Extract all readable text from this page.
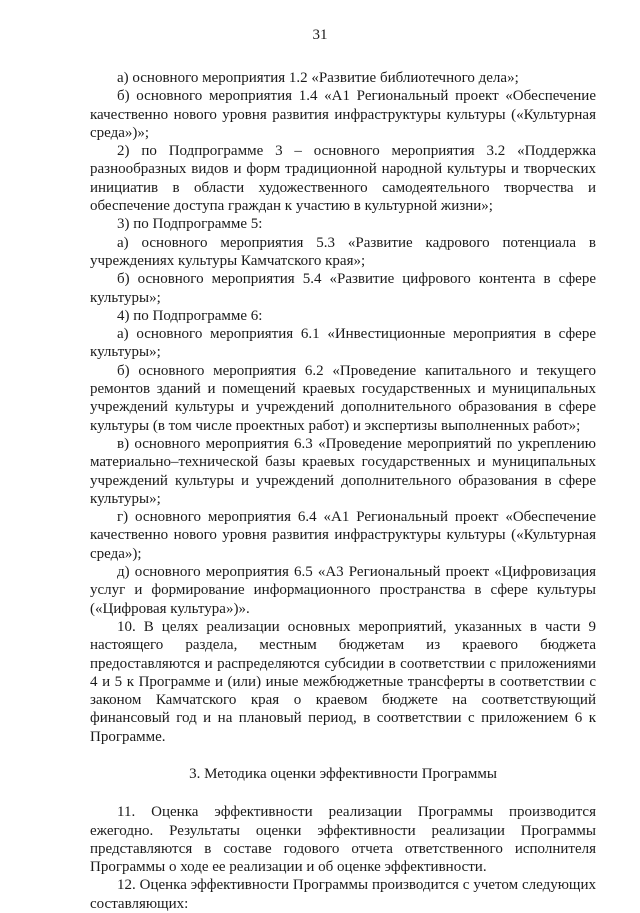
31

а) основного мероприятия 1.2 «Развитие библиотечного дела»;

б) основного мероприятия 1.4 «А1 Региональный проект «Обеспечение качественно нового уровня развития инфраструктуры культуры («Культурная среда»)»;

2) по Подпрограмме 3 – основного мероприятия 3.2 «Поддержка разнообразных видов и форм традиционной народной культуры и творческих инициатив в области художественного самодеятельного творчества и обеспечение доступа граждан к участию в культурной жизни»;

3) по Подпрограмме 5:

а) основного мероприятия 5.3 «Развитие кадрового потенциала в учреждениях культуры Камчатского края»;

б) основного мероприятия 5.4 «Развитие цифрового контента в сфере культуры»;

4) по Подпрограмме 6:

а) основного мероприятия 6.1 «Инвестиционные мероприятия в сфере культуры»;

б) основного мероприятия 6.2 «Проведение капитального и текущего ремонтов зданий и помещений краевых государственных и муниципальных учреждений культуры и учреждений дополнительного образования в сфере культуры (в том числе проектных работ) и экспертизы выполненных работ»;

в) основного мероприятия 6.3 «Проведение мероприятий по укреплению материально–технической базы краевых государственных и муниципальных учреждений культуры и учреждений дополнительного образования в сфере культуры»;

г) основного мероприятия 6.4 «А1 Региональный проект «Обеспечение качественно нового уровня развития инфраструктуры культуры («Культурная среда»);

д) основного мероприятия 6.5 «А3 Региональный проект «Цифровизация услуг и формирование информационного пространства в сфере культуры («Цифровая культура»)».

10. В целях реализации основных мероприятий, указанных в части 9 настоящего раздела, местным бюджетам из краевого бюджета предоставляются и распределяются субсидии в соответствии с приложениями 4 и 5 к Программе и (или) иные межбюджетные трансферты в соответствии с законом Камчатского края о краевом бюджете на соответствующий финансовый год и на плановый период, в соответствии с приложением 6 к Программе.

3. Методика оценки эффективности Программы

11. Оценка эффективности реализации Программы производится ежегодно. Результаты оценки эффективности реализации Программы представляются в составе годового отчета ответственного исполнителя Программы о ходе ее реализации и об оценке эффективности.

12. Оценка эффективности Программы производится с учетом следующих составляющих:
